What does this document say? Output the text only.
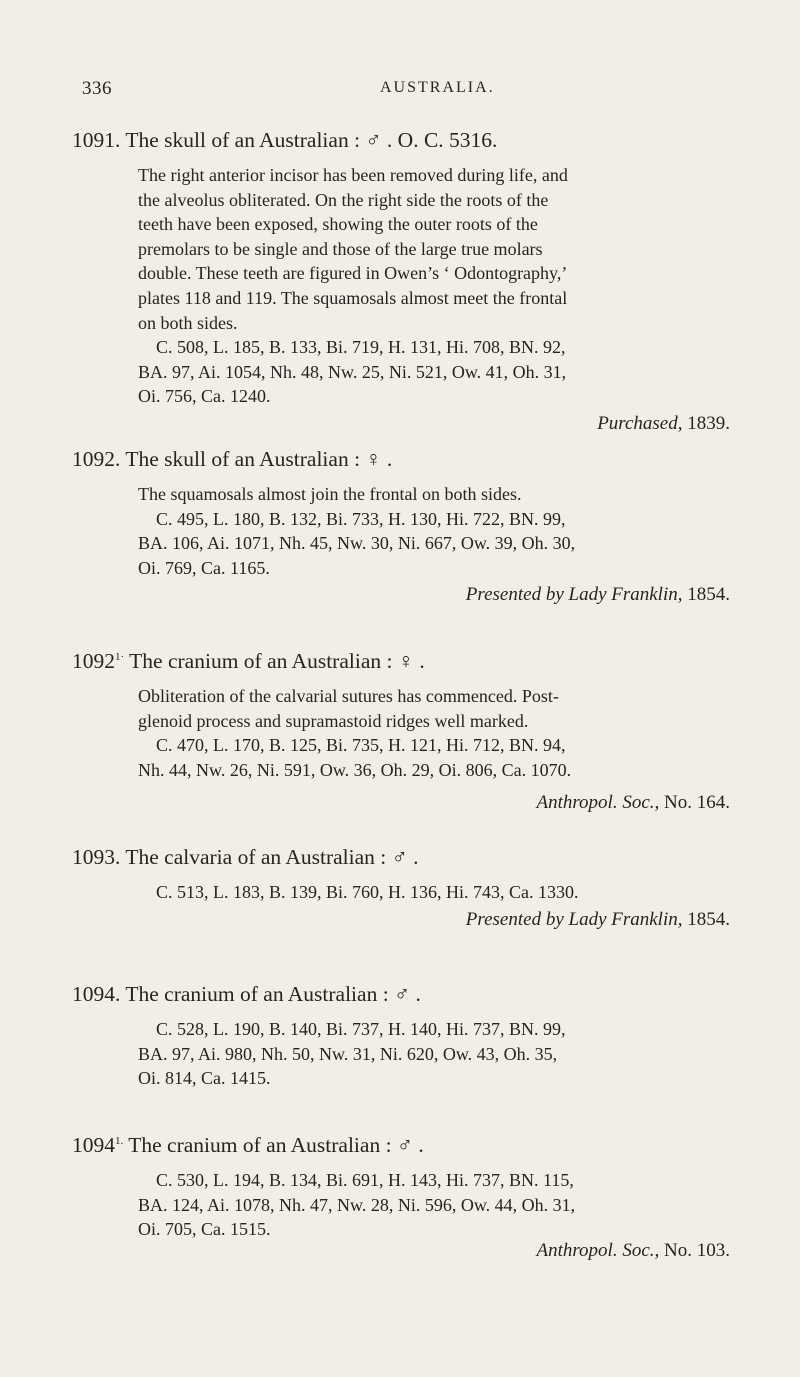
336	AUSTRALIA.
1091. The skull of an Australian : ♂ . O. C. 5316.
The right anterior incisor has been removed during life, and
the alveolus obliterated. On the right side the roots of the
teeth have been exposed, showing the outer roots of the
premolars to be single and those of the large true molars
double. These teeth are figured in Owen’s ‘ Odontography,’
plates 118 and 119. The squamosals almost meet the frontal
on both sides.
C. 508, L. 185, B. 133, Bi. 719, H. 131, Hi. 708, BN. 92,
BA. 97, Ai. 1054, Nh. 48, Nw. 25, Ni. 521, Ow. 41, Oh. 31,
Oi. 756, Ca. 1240.
Purchased, 1839.
1092. The skull of an Australian : ♀ .
The squamosals almost join the frontal on both sides.
C. 495, L. 180, B. 132, Bi. 733, H. 130, Hi. 722, BN. 99,
BA. 106, Ai. 1071, Nh. 45, Nw. 30, Ni. 667, Ow. 39, Oh. 30,
Oi. 769, Ca. 1165.
Presented by Lady Franklin, 1854.
$1092^{1\cdot}$ The cranium of an Australian : ♀ .
Obliteration of the calvarial sutures has commenced. Post-
glenoid process and supramastoid ridges well marked.
C. 470, L. 170, B. 125, Bi. 735, H. 121, Hi. 712, BN. 94,
Nh. 44, Nw. 26, Ni. 591, Ow. 36, Oh. 29, Oi. 806, Ca. 1070.
Anthropol. Soc., No. 164.
1093. The calvaria of an Australian : ♂ .
C. 513, L. 183, B. 139, Bi. 760, H. 136, Hi. 743, Ca. 1330.
Presented by Lady Franklin, 1854.
1094. The cranium of an Australian : ♂ .
C. 528, L. 190, B. 140, Bi. 737, H. 140, Hi. 737, BN. 99,
BA. 97, Ai. 980, Nh. 50, Nw. 31, Ni. 620, Ow. 43, Oh. 35,
Oi. 814, Ca. 1415.
$1094^{1.}$ The cranium of an Australian : ♂ .
C. 530, L. 194, B. 134, Bi. 691, H. 143, Hi. 737, BN. 115,
BA. 124, Ai. 1078, Nh. 47, Nw. 28, Ni. 596, Ow. 44, Oh. 31,
Oi. 705, Ca. 1515.
Anthropol. Soc., No. 103.
